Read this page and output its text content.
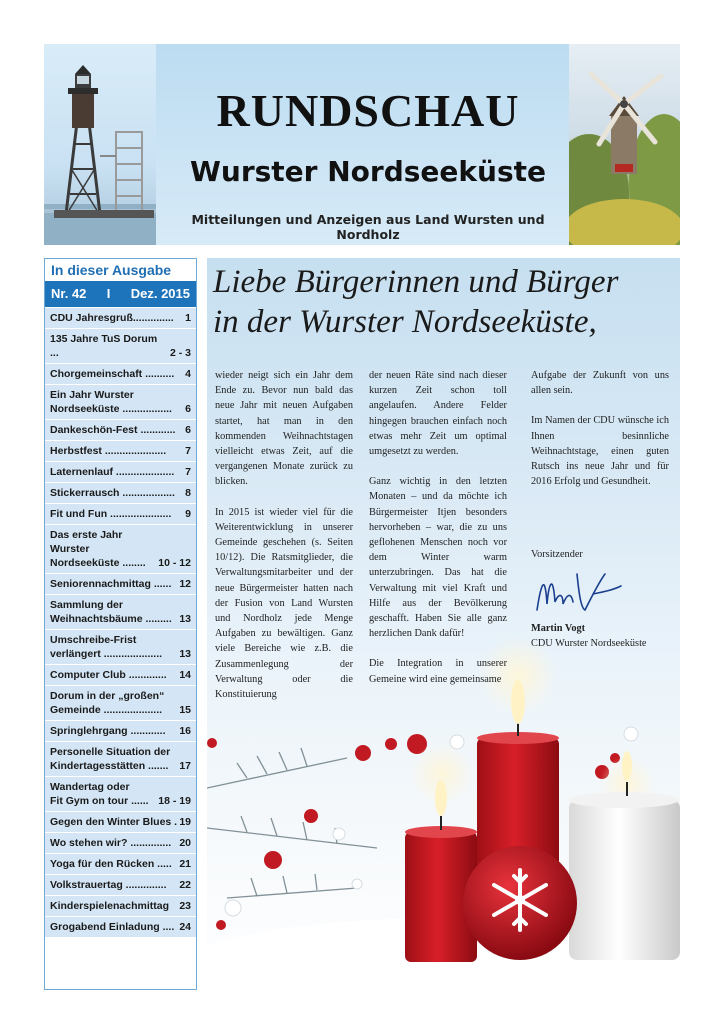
RUNDSCHAU
Wurster Nordseeküste
Mitteilungen und Anzeigen aus Land Wursten und Nordholz
In dieser Ausgabe
Nr. 42 I Dez. 2015
CDU Jahresgruß..............	1
135 Jahre TuS Dorum ...	2 - 3
Chorgemeinschaft ..........	4
Ein Jahr Wurster
Nordseeküste .................	6
Dankeschön-Fest ............ 6
Herbstfest .....................	7
Laternenlauf ....................	7
Stickerrausch .................. 8
Fit und Fun .....................	9
Das erste Jahr Wurster
Nordseeküste ........	10 - 12
Seniorennachmittag ...... 12
Sammlung der
Weihnachtsbäume ......... 13
Umschreibe-Frist
verlängert ....................	13
Computer Club .............	14
Dorum in der „großen“
Gemeinde ....................	15
Springlehrgang ............	16
Personelle Situation der
Kindertagesstätten .......	17
Wandertag oder
Fit Gym on tour ...... 18 - 19
Gegen den Winter Blues . 19
Wo stehen wir? .............. 20
Yoga für den Rücken ..... 21
Volkstrauertag ..............	22
Kinderspielenachmittag 23
Grogabend Einladung .... 24
Liebe Bürgerinnen und Bürger
in der Wurster Nordseeküste,

wieder neigt sich ein Jahr dem Ende zu. Bevor nun bald das neue Jahr mit neuen Aufgaben startet, hat man in den kommenden Weihnachtstagen vielleicht etwas Zeit, auf die vergangenen Monate zurück zu blicken.

In 2015 ist wieder viel für die Weiterentwicklung in unserer Gemeinde geschehen (s. Seiten 10/12). Die Ratsmitglieder, die Verwaltungsmitarbeiter und der neue Bürgermeister hatten nach der Fusion von Land Wursten und Nordholz jede Menge Aufgaben zu bewältigen. Ganz viele Bereiche wie z.B. die Zusammenlegung der Verwaltung oder die Konstituierung

der neuen Räte sind nach dieser kurzen Zeit schon toll angelaufen. Andere Felder hingegen brauchen einfach noch etwas mehr Zeit um optimal umgesetzt zu werden.

Ganz wichtig in den letzten Monaten – und da möchte ich Bürgermeister Itjen besonders hervorheben – war, die zu uns geflohenen Menschen noch vor dem Winter warm unterzubringen. Das hat die Verwaltung mit viel Kraft und Hilfe aus der Bevölkerung geschafft. Haben Sie alle ganz herzlichen Dank dafür!

Die Integration in unserer Gemeine wird eine gemeinsame

Aufgabe der Zukunft von uns allen sein.

Im Namen der CDU wünsche ich Ihnen besinnliche Weihnachtstage, einen guten Rutsch ins neue Jahr und für 2016 Erfolg und Gesundheit.

Vorsitzender

Martin Vogt
CDU Wurster Nordseeküste
